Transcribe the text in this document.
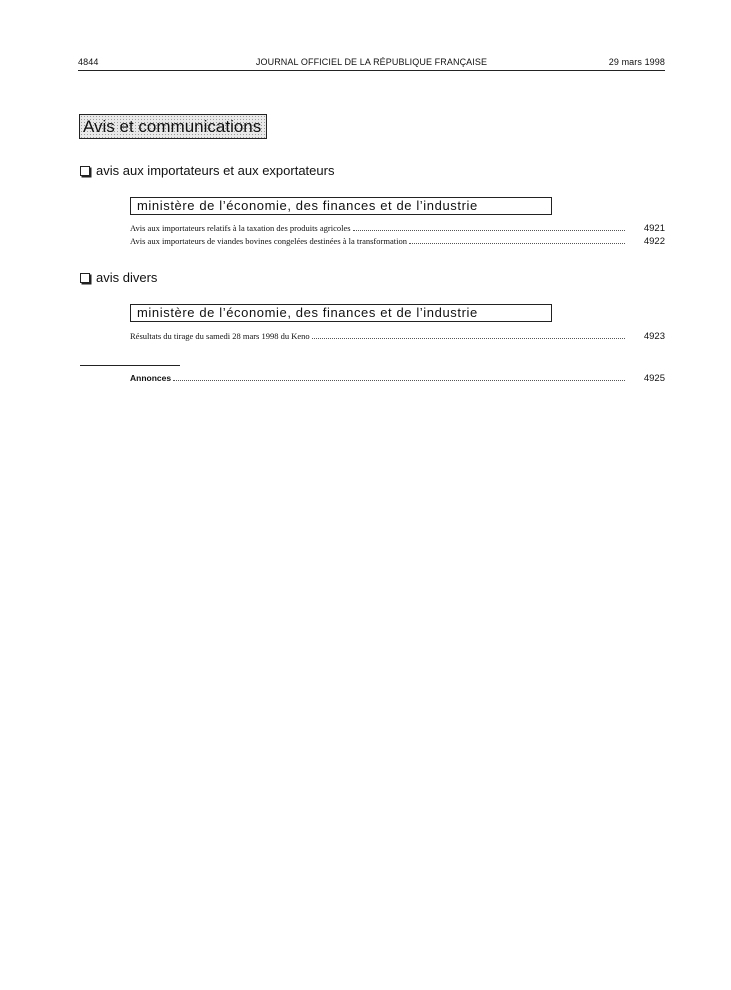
4844	JOURNAL OFFICIEL DE LA RÉPUBLIQUE FRANÇAISE	29 mars 1998
Avis et communications
avis aux importateurs et aux exportateurs
ministère de l’économie, des finances et de l’industrie
Avis aux importateurs relatifs à la taxation des produits agricoles	4921
Avis aux importateurs de viandes bovines congelées destinées à la transformation	4922
avis divers
ministère de l’économie, des finances et de l’industrie
Résultats du tirage du samedi 28 mars 1998 du Keno	4923
Annonces	4925
